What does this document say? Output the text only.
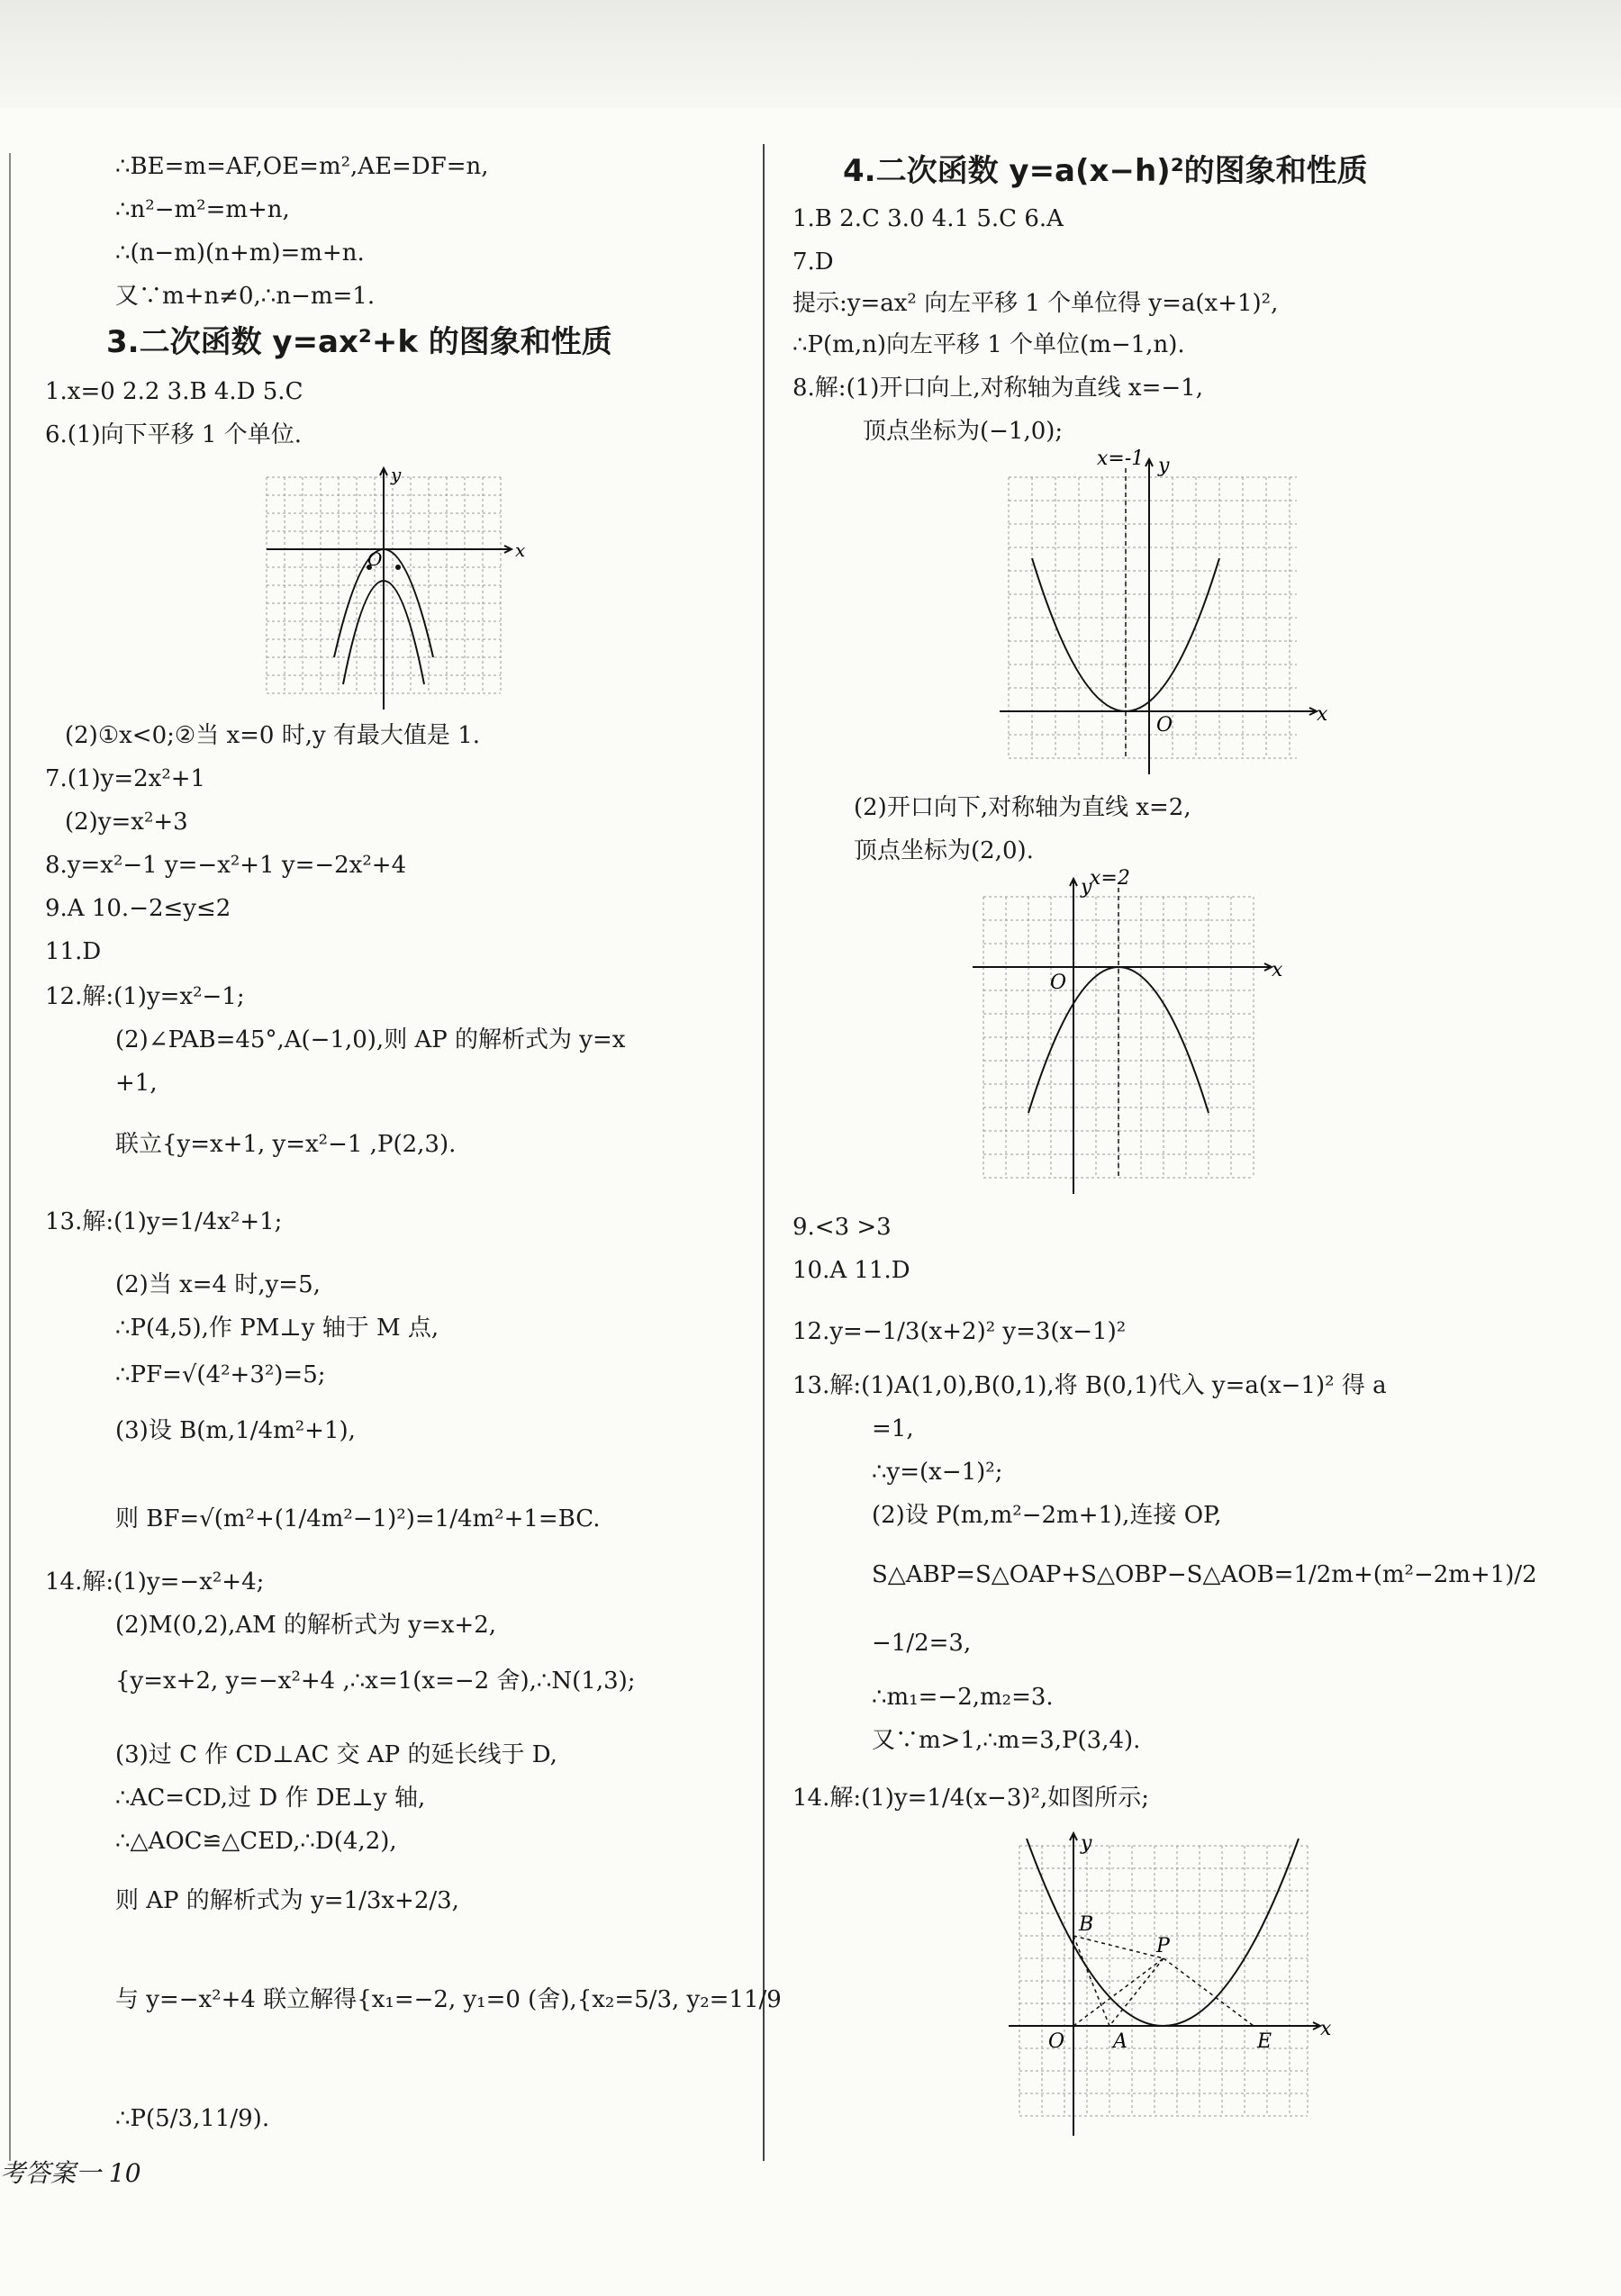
∴BE=m=AF,OE=m²,AE=DF=n,
∴n²−m²=m+n,
∴(n−m)(n+m)=m+n.
又∵m+n≠0,∴n−m=1.
3.二次函数 y=ax²+k 的图象和性质
1.x=0 2.2 3.B 4.D 5.C
6.(1)向下平移 1 个单位.
x
y
O
(2)①x<0;②当 x=0 时,y 有最大值是 1.
7.(1)y=2x²+1
(2)y=x²+3
8.y=x²−1 y=−x²+1 y=−2x²+4
9.A 10.−2≤y≤2
11.D
12.解:(1)y=x²−1;
(2)∠PAB=45°,A(−1,0),则 AP 的解析式为 y=x
+1,
联立{y=x+1, y=x²−1 ,P(2,3).
13.解:(1)y=1/4x²+1;
(2)当 x=4 时,y=5,
∴P(4,5),作 PM⊥y 轴于 M 点,
∴PF=√(4²+3²)=5;
(3)设 B(m,1/4m²+1),
则 BF=√(m²+(1/4m²−1)²)=1/4m²+1=BC.
14.解:(1)y=−x²+4;
(2)M(0,2),AM 的解析式为 y=x+2,
{y=x+2, y=−x²+4 ,∴x=1(x=−2 舍),∴N(1,3);
(3)过 C 作 CD⊥AC 交 AP 的延长线于 D,
∴AC=CD,过 D 作 DE⊥y 轴,
∴△AOC≌△CED,∴D(4,2),
则 AP 的解析式为 y=1/3x+2/3,
与 y=−x²+4 联立解得{x₁=−2, y₁=0 (舍),{x₂=5/3, y₂=11/9
∴P(5/3,11/9).
4.二次函数 y=a(x−h)²的图象和性质
1.B 2.C 3.0 4.1 5.C 6.A
7.D
提示:y=ax² 向左平移 1 个单位得 y=a(x+1)²,
∴P(m,n)向左平移 1 个单位(m−1,n).
8.解:(1)开口向上,对称轴为直线 x=−1,
顶点坐标为(−1,0);
x=-1 y
x
O
(2)开口向下,对称轴为直线 x=2,
顶点坐标为(2,0).
x=2
y
x
O
9.<3 >3
10.A 11.D
12.y=−1/3(x+2)² y=3(x−1)²
13.解:(1)A(1,0),B(0,1),将 B(0,1)代入 y=a(x−1)² 得 a
=1,
∴y=(x−1)²;
(2)设 P(m,m²−2m+1),连接 OP,
S△ABP=S△OAP+S△OBP−S△AOB=1/2m+(m²−2m+1)/2
−1/2=3,
∴m₁=−2,m₂=3.
又∵m>1,∴m=3,P(3,4).
14.解:(1)y=1/4(x−3)²,如图所示;
y
x
O A
B
P
E
考答案一 10
